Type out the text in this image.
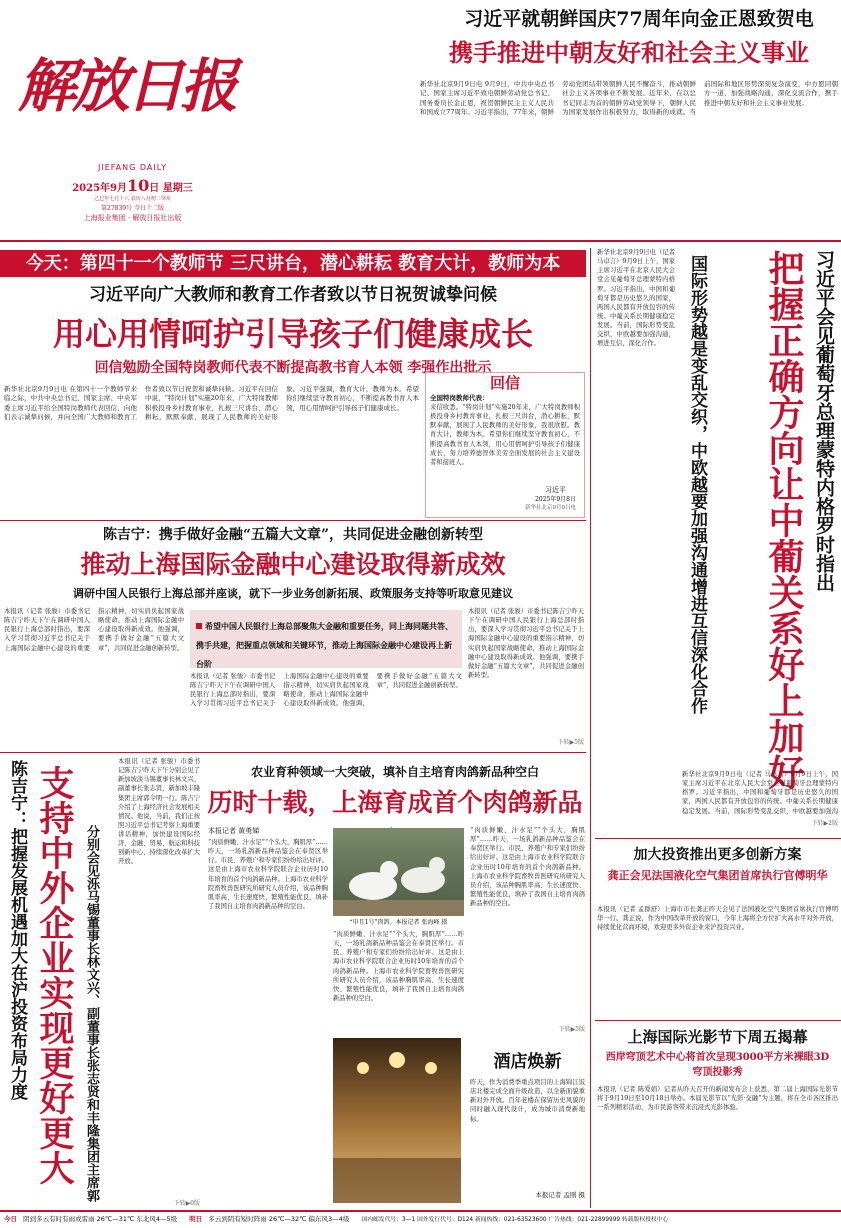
解放日报
JIEFANG DAILY
2025年9月10日 星期三
乙巳年七月十八 农历八月初二癸亥
第27839号 今日十二版
上海报业集团 · 解放日报社出版
习近平就朝鲜国庆77周年向金正恩致贺电
携手推进中朝友好和社会主义事业
新华社北京9月9日电 9月9日，中共中央总书记、国家主席习近平致电朝鲜劳动党总书记、国务委员长金正恩，祝贺朝鲜民主主义人民共和国成立77周年。习近平指出，77年来，朝鲜劳动党团结带领朝鲜人民不懈奋斗，推动朝鲜社会主义各项事业不断发展。近年来，在以总书记同志为首的朝鲜劳动党领导下，朝鲜人民为国家发展作出积极努力，取得新的成就。当前国际和地区形势深刻复杂演变，中方愿同朝方一道，加强战略沟通，深化交流合作，携手推进中朝友好和社会主义事业发展。
今天：第四十一个教师节 三尺讲台，潜心耕耘 教育大计，教师为本
习近平向广大教师和教育工作者致以节日祝贺诚挚问候
用心用情呵护引导孩子们健康成长
回信勉励全国特岗教师代表不断提高教书育人本领 李强作出批示
新华社北京9月9日电 在第四十一个教师节来临之际，中共中央总书记、国家主席、中央军委主席习近平给全国特岗教师代表回信，向他们表示诚挚问候，并向全国广大教师和教育工作者致以节日祝贺和诚挚问候。习近平在回信中说，“特岗计划”实施20年来，广大特岗教师积极投身乡村教育事业，扎根三尺讲台，潜心耕耘，默默奉献，展现了人民教师的美好形象。习近平强调，教育大计，教师为本。希望你们继续坚守教育初心，不断提高教书育人本领，用心用情呵护引导孩子们健康成长。
回信
全国特岗教师代表：
来信收悉。“特岗计划”实施20年来，广大特岗教师积极投身乡村教育事业，扎根三尺讲台，潜心耕耘，默默奉献，展现了人民教师的美好形象，我很欣慰。教育大计，教师为本。希望你们继续坚守教育初心，不断提高教书育人本领，用心用情呵护引导孩子们健康成长，努力培养德智体美劳全面发展的社会主义建设者和接班人。
习近平
2025年9月8日
新华社北京9月9日电
陈吉宁：携手做好金融“五篇大文章”，共同促进金融创新转型
推动上海国际金融中心建设取得新成效
调研中国人民银行上海总部并座谈，就下一步业务创新拓展、政策服务支持等听取意见建议
本报讯（记者 张骏）市委书记陈吉宁昨天下午在调研中国人民银行上海总部时指出，要深入学习贯彻习近平总书记关于上海国际金融中心建设的重要指示精神，切实肩负起国家战略使命，推动上海国际金融中心建设取得新成效。他强调，要携手做好金融“五篇大文章”，共同促进金融创新转型。
希望中国人民银行上海总部聚焦大金融和重要任务，同上海同题共答、携手共建，把握重点领域和关键环节，推动上海国际金融中心建设再上新台阶
本报讯（记者 张骏）市委书记陈吉宁昨天下午在调研中国人民银行上海总部时指出，要深入学习贯彻习近平总书记关于上海国际金融中心建设的重要指示精神，切实肩负起国家战略使命，推动上海国际金融中心建设取得新成效。他强调，要携手做好金融“五篇大文章”，共同促进金融创新转型。
本报讯（记者 张骏）市委书记陈吉宁昨天下午在调研中国人民银行上海总部时指出，要深入学习贯彻习近平总书记关于上海国际金融中心建设的重要指示精神，切实肩负起国家战略使命，推动上海国际金融中心建设取得新成效。他强调，要携手做好金融“五篇大文章”，共同促进金融创新转型。
下转▶5版
陈吉宁：把握发展机遇加大在沪投资布局力度 支持中外企业实现更好更大
分别会见泺马锡董事长林文兴、副董事长张志贤和丰隆集团主席郭
本报讯（记者 张骏）市委书记陈吉宁昨天下午分别会见了新加坡淡马锡董事长林文兴、副董事长张志贤，新加坡丰隆集团主席郭令明一行。陈吉宁介绍了上海经济社会发展相关情况。他说，当前，我们正按照习近平总书记考察上海重要讲话精神，加快建设国际经济、金融、贸易、航运和科技创新中心，持续深化改革扩大开放。
下转▶6版
农业育种领域一大突破，填补自主培育肉鸽新品种空白
历时十载，上海育成首个肉鸽新品
本报记者 黄勇娣
“肉质鲜嫩、汁水足”“个头大，胸肌厚”……昨天，一场乳鸽新品种品鉴会在奉贤区举行。市民、养殖户和专家们纷纷给出好评。这是由上海市农业科学院联合企业历时10年培育的首个肉鸽新品种。上海市农业科学院畜牧兽医研究所研究人员介绍，该品种胸肌率高、生长速度快、繁殖性能优良，填补了我国自主培育肉鸽新品种的空白。
“申且1号”肉鸽。本报记者 张海峰 摄
“肉质鲜嫩、汁水足”“个头大，胸肌厚”……昨天，一场乳鸽新品种品鉴会在奉贤区举行。市民、养殖户和专家们纷纷给出好评。这是由上海市农业科学院联合企业历时10年培育的首个肉鸽新品种。上海市农业科学院畜牧兽医研究所研究人员介绍，该品种胸肌率高、生长速度快、繁殖性能优良，填补了我国自主培育肉鸽新品种的空白。
“肉质鲜嫩、汁水足”“个头大，胸肌厚”……昨天，一场乳鸽新品种品鉴会在奉贤区举行。市民、养殖户和专家们纷纷给出好评。这是由上海市农业科学院联合企业历时10年培育的首个肉鸽新品种。上海市农业科学院畜牧兽医研究所研究人员介绍，该品种胸肌率高、生长速度快、繁殖性能优良，填补了我国自主培育肉鸽新品种的空白。
下转▶5版
酒店焕新
昨天，作为消费季重点项目的上海锦江饭店北楼完成全面升级改造，以全新面貌重新对外开放。百年老楼在保留历史风貌的同时融入现代设计，成为城市消费新地标。
本报记者 孟刚 摄
新华社北京9月9日电（记者 马卓言）9月9日上午，国家主席习近平在北京人民大会堂会见葡萄牙总理蒙特内格罗。习近平指出，中国和葡萄牙都是历史悠久的国家，两国人民都有开放包容的传统。中葡关系长期健康稳定发展。当前，国际形势变乱交织，中欧越要加强沟通，增进互信，深化合作。	习近平会见葡萄牙总理蒙特内格罗时指出
把握正确方向让中葡关系好上加好
国际形势越是变乱交织，中欧越要加强沟通增进互信深化合作
新华社北京9月9日电（记者 马卓言）9月9日上午，国家主席习近平在北京人民大会堂会见葡萄牙总理蒙特内格罗。习近平指出，中国和葡萄牙都是历史悠久的国家，两国人民都有开放包容的传统。中葡关系长期健康稳定发展。当前，国际形势变乱交织，中欧越要加强沟
下转▶2版
加大投资推出更多创新方案
龚正会见法国液化空气集团首席执行官傅明华
本报讯（记者 孟群舒）上海市市长龚正昨天会见了法国液化空气集团首席执行官傅明华一行。龚正说，作为中国改革开放的窗口，今年上海将全方位扩大高水平对外开放，持续优化营商环境，欢迎更多外资企业来沪投资兴业。
上海国际光影节下周五揭幕
西岸穹顶艺术中心将首次呈现3000平方米裸眼3D穹顶投影秀
本报讯（记者 陈爱娟）记者从昨天召开的新闻发布会上获悉，第二届上海国际光影节将于9月19日至10月18日举办。本届光影节以“光影·交融”为主题，将在全市各区推出一系列精彩活动，为市民游客带来沉浸式光影体验。
今日 阴到多云有时有雨或雷雨 26℃—31℃ 东北风4—5级 明日 多云到阴有短时阵雨 26℃—32℃ 偏东风3—4级 国内邮发代号：3—1 国外发行代号：D124 新闻热线：021-63523600 广告热线：021-22899999 转载版权授权中心
